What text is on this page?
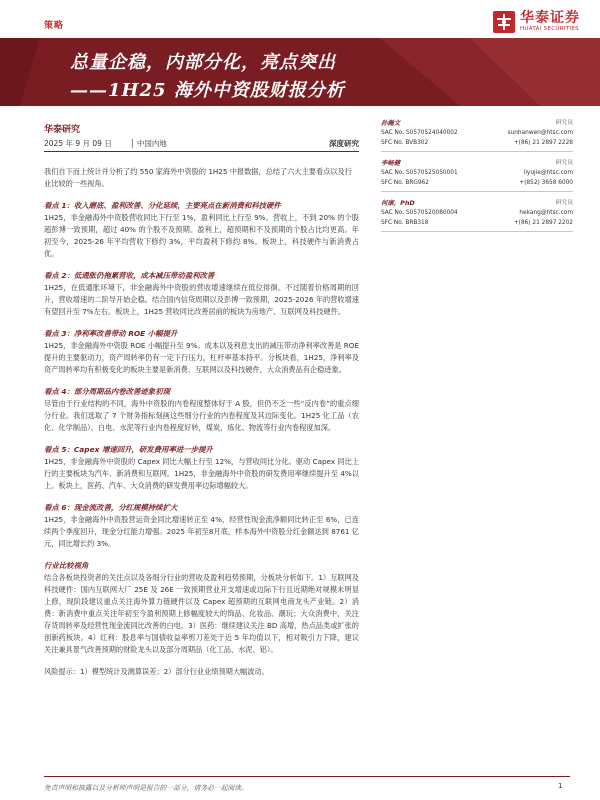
策略	华泰证券
HUATAI SECURITIES
总量企稳，内部分化，亮点突出
——1H25 海外中资股财报分析
华泰研究
2025 年 9 月 09 日 │ 中国内地	深度研究

我们自下而上统计并分析了约 550 家海外中资股的 1H25 中报数据，总结了六大主要看点以及行业比较的一些视角。

看点 1：收入磨底、盈利改善、分化延续，主要亮点在新消费和科技硬件

1H25，非金融海外中资股营收同比下行至 1%，盈利同比上行至 9%。营收上，不到 20% 的个股超彭博一致预期，超过 40% 的个股不及预期。盈利上，超预期和不及预期的个股占比均更高。年初至今，2025-26 年平均营收下修约 3%，平均盈利下修约 8%。板块上，科技硬件与新消费占优。

看点 2：低通胀仍拖累营收，成本减压带动盈利改善

1H25，在低通胀环境下，非金融海外中资股的营收增速继续在低位徘徊。不过随着价格周期的回升，营收增速的二阶导开始企稳。结合国内信贷周期以及彭博一致预期，2025-2026 年的营收增速有望回升至 7%左右。板块上，1H25 营收同比改善居前的板块为房地产、互联网及科技硬件。

看点 3：净利率改善带动 ROE 小幅提升

1H25，非金融海外中资股 ROE 小幅提升至 9%。成本以及利息支出的减压带动净利率改善是 ROE 提升的主要驱动力，资产周转率仍有一定下行压力，杠杆率基本持平。分板块看，1H25，净利率及资产周转率均有积极变化的板块主要是新消费、互联网以及科技硬件，大众消费品有企稳迹象。

看点 4：部分周期品内卷改善迹象初现

尽管由于行业结构的不同，海外中资股的内卷程度整体好于 A 股，但仍不乏一些“反内卷”的重点细分行业。我们选取了 7 个财务指标刻画这些细分行业的内卷程度及其边际变化。1H25 化工品（农化、化学制品）、白电、水泥等行业内卷程度好转，煤炭、炼化、物流等行业内卷程度加深。

看点 5：Capex 增速回升，研发费用率进一步提升

1H25，非金融海外中资股的 Capex 同比大幅上行至 12%，与营收同比分化。驱动 Capex 同比上行的主要板块为汽车、新消费和互联网。1H25，非金融海外中资股的研发费用率继续提升至 4%以上。板块上，医药、汽车、大众消费的研发费用率边际增幅较大。

看点 6：现金流改善，分红规模持续扩大

1H25，非金融海外中资股营运资金同比增速转正至 4%，经营性现金流净额同比转正至 6%，已连续两个季度回升，现金分红能力增强。2025 年初至8月底，样本海外中资股分红金额达到 8761 亿元，同比增长约 3%。

行业比较视角

结合各板块投资者的关注点以及各细分行业的营收及盈利趋势预期，分板块分析如下。1）互联网及科技硬件：国内互联网大厂 25E 及 26E 一致预期营业开支增速或边际下行且近期绝对规模未明显上修，现阶段建议重点关注海外算力链硬件以及 Capex 超预期的互联网电商龙头产业链。2）消费：新消费中重点关注年初至今盈利预期上修幅度较大的饰品、化妆品、潮玩；大众消费中，关注存货周转率及经营性现金流同比改善的白电。3）医药：继续建议关注 BD 高增，热点品类或扩张的创新药板块。4）红利：股息率与国债收益率剪刀差处于近 5 年均值以下，相对吸引力下降，建议关注兼具景气改善预期的财险龙头以及部分周期品（化工品、水泥、铝）。

风险提示：1）模型统计及测算误差；2）部分行业业绩预期大幅波动。

孙瀚文	研究员
SAC No. S0570524040002	sunhanwen@htsc.com
SFC No. BVB302	+(86) 21 2897 2228
李畅健	研究员
SAC No. S0570525050001	liyujie@htsc.com
SFC No. BRG962	+(852) 3658 6000
何康，PhD	研究员
SAC No. S0570520080004	hekang@htsc.com
SFC No. BRB318	+(86) 21 2897 2202
免责声明和披露以及分析师声明是报告的一部分，请务必一起阅读。	1
